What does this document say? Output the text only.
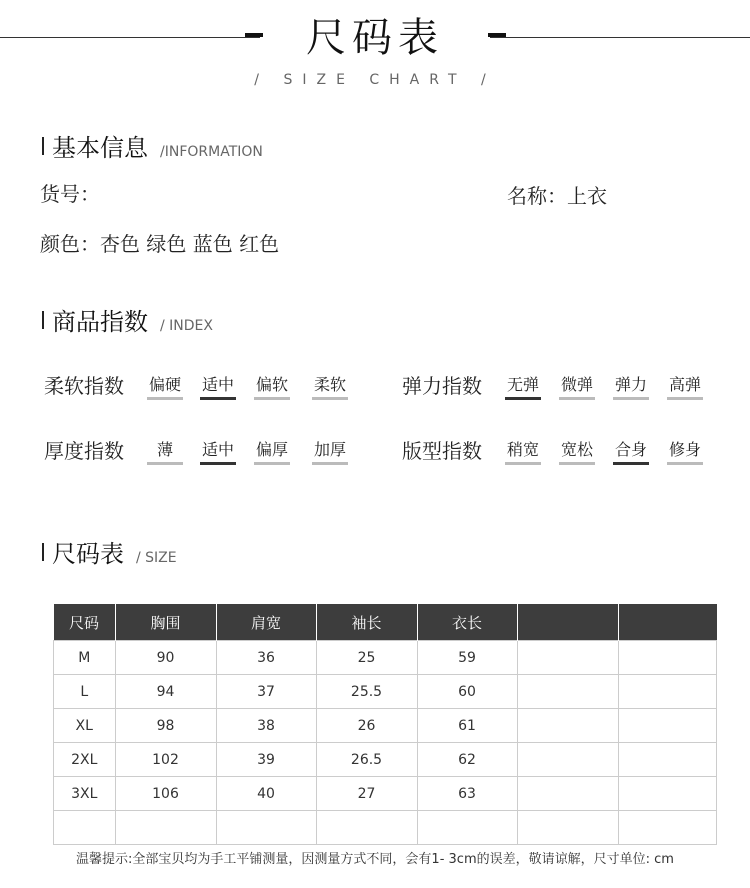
尺码表
/ SIZE CHART /
基本信息 /INFORMATION
货号：	名称：上衣
颜色：杏色 绿色 蓝色 红色
商品指数 / INDEX
柔软指数 偏硬 适中 偏软 柔软	弹力指数 无弹 微弹 弹力 高弹
厚度指数	薄	适中 偏厚 加厚	版型指数 稍宽 宽松 合身 修身
尺码表 / SIZE
尺码	胸围	肩宽	袖长	衣长		
M	90	36	25	59		
L	94	37	25.5	60		
XL	98	38	26	61		
2XL	102	39	26.5	62		
3XL	106	40	27	63		

温馨提示:全部宝贝均为手工平铺测量，因测量方式不同，会有1- 3cm的误差，敬请谅解，尺寸单位: cm
